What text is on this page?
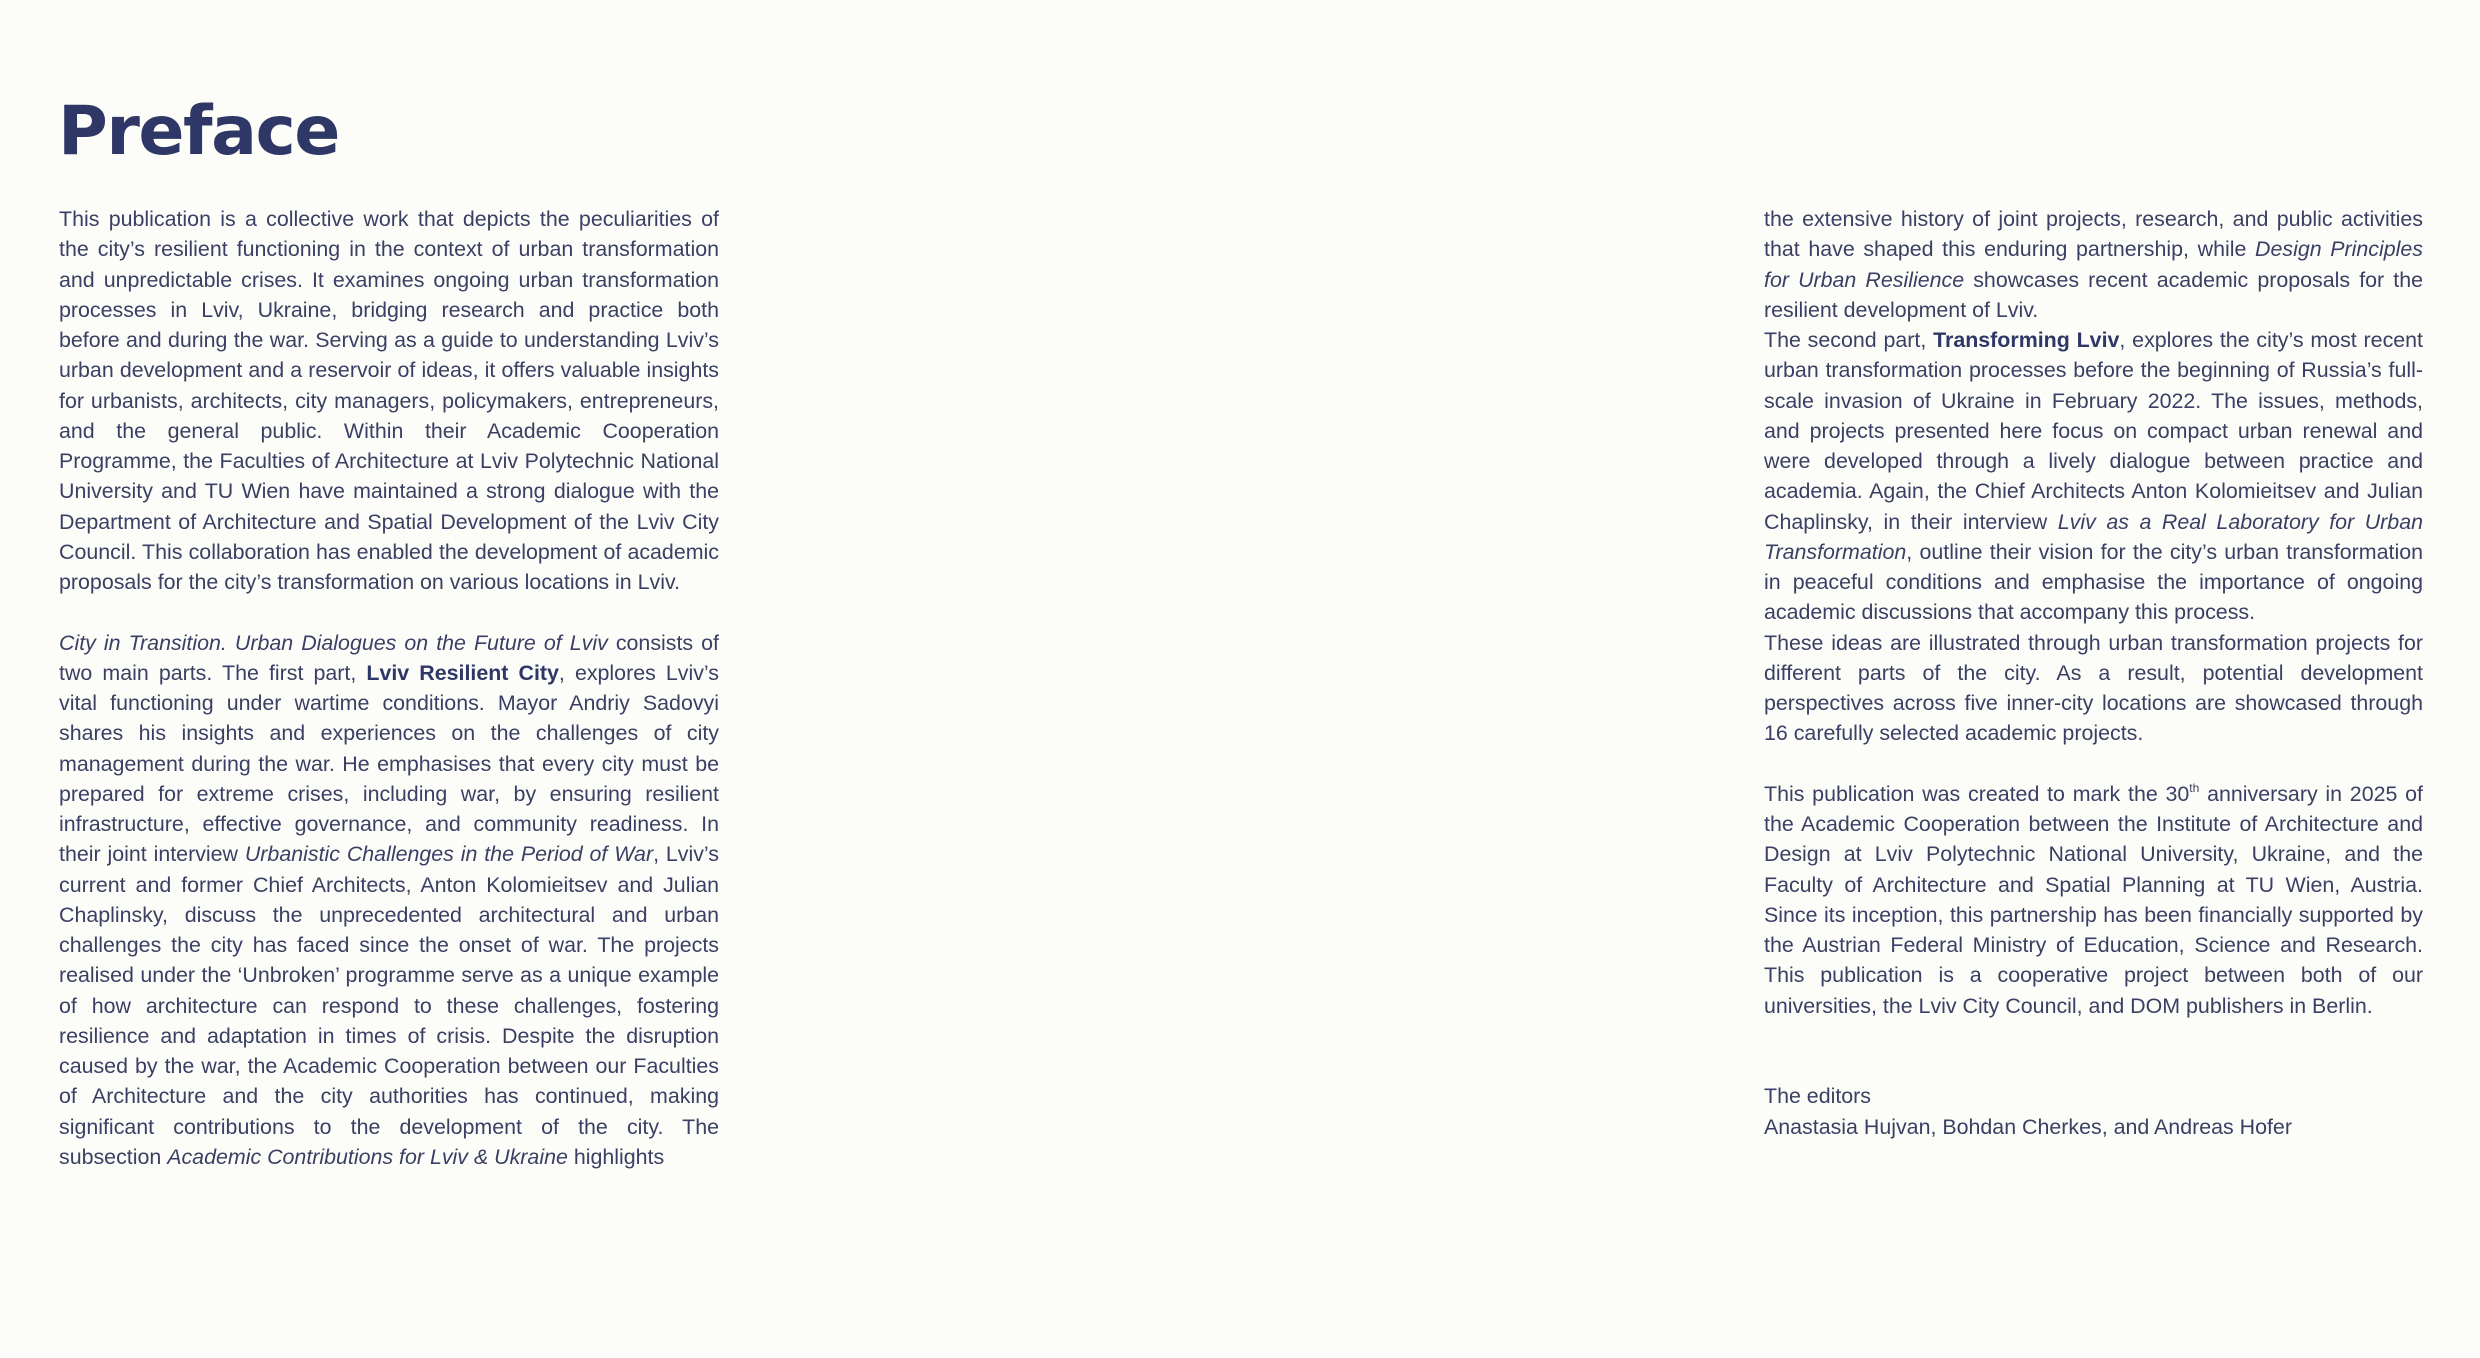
Preface

This publication is a collective work that depicts the peculiarities of the city’s resilient functioning in the context of urban transformation and unpredictable crises. It examines ongoing urban transformation processes in Lviv, Ukraine, bridging research and practice both before and during the war. Serving as a guide to understanding Lviv’s urban development and a reservoir of ideas, it offers valuable insights for urbanists, architects, city managers, policymakers, entrepreneurs, and the general public. Within their Academic Cooperation Programme, the Faculties of Architecture at Lviv Polytechnic National University and TU Wien have maintained a strong dialogue with the Department of Architecture and Spatial Development of the Lviv City Council. This collaboration has enabled the development of academic proposals for the city’s transformation on various locations in Lviv.

City in Transition. Urban Dialogues on the Future of Lviv consists of two main parts. The first part, Lviv Resilient City, explores Lviv’s vital functioning under wartime conditions. Mayor Andriy Sadovyi shares his insights and experiences on the challenges of city management during the war. He emphasises that every city must be prepared for extreme crises, including war, by ensuring resilient infrastructure, effective governance, and community readiness. In their joint interview Urbanistic Challenges in the Period of War, Lviv’s current and former Chief Architects, Anton Kolomieitsev and Julian Chaplinsky, discuss the unprecedented architectural and urban challenges the city has faced since the onset of war. The projects realised under the ‘Unbroken’ programme serve as a unique example of how architecture can respond to these challenges, fostering resilience and adaptation in times of crisis. Despite the disruption caused by the war, the Academic Cooperation between our Faculties of Architecture and the city authorities has continued, making significant contributions to the development of the city. The subsection Academic Contributions for Lviv & Ukraine highlights

the extensive history of joint projects, research, and public activities that have shaped this enduring partnership, while Design Principles for Urban Resilience showcases recent academic proposals for the resilient development of Lviv.

The second part, Transforming Lviv, explores the city’s most recent urban transformation processes before the beginning of Russia’s full-scale invasion of Ukraine in February 2022. The issues, methods, and projects presented here focus on compact urban renewal and were developed through a lively dialogue between practice and academia. Again, the Chief Architects Anton Kolomieitsev and Julian Chaplinsky, in their interview Lviv as a Real Laboratory for Urban Transformation, outline their vision for the city’s urban transformation in peaceful conditions and emphasise the importance of ongoing academic discussions that accompany this process.

These ideas are illustrated through urban transformation projects for different parts of the city. As a result, potential development perspectives across five inner-city locations are showcased through 16 carefully selected academic projects.

This publication was created to mark the 30th anniversary in 2025 of the Academic Cooperation between the Institute of Architecture and Design at Lviv Polytechnic National University, Ukraine, and the Faculty of Architecture and Spatial Planning at TU Wien, Austria. Since its inception, this partnership has been financially supported by the Austrian Federal Ministry of Education, Science and Research. This publication is a cooperative project between both of our universities, the Lviv City Council, and DOM publishers in Berlin.

The editors
Anastasia Hujvan, Bohdan Cherkes, and Andreas Hofer
